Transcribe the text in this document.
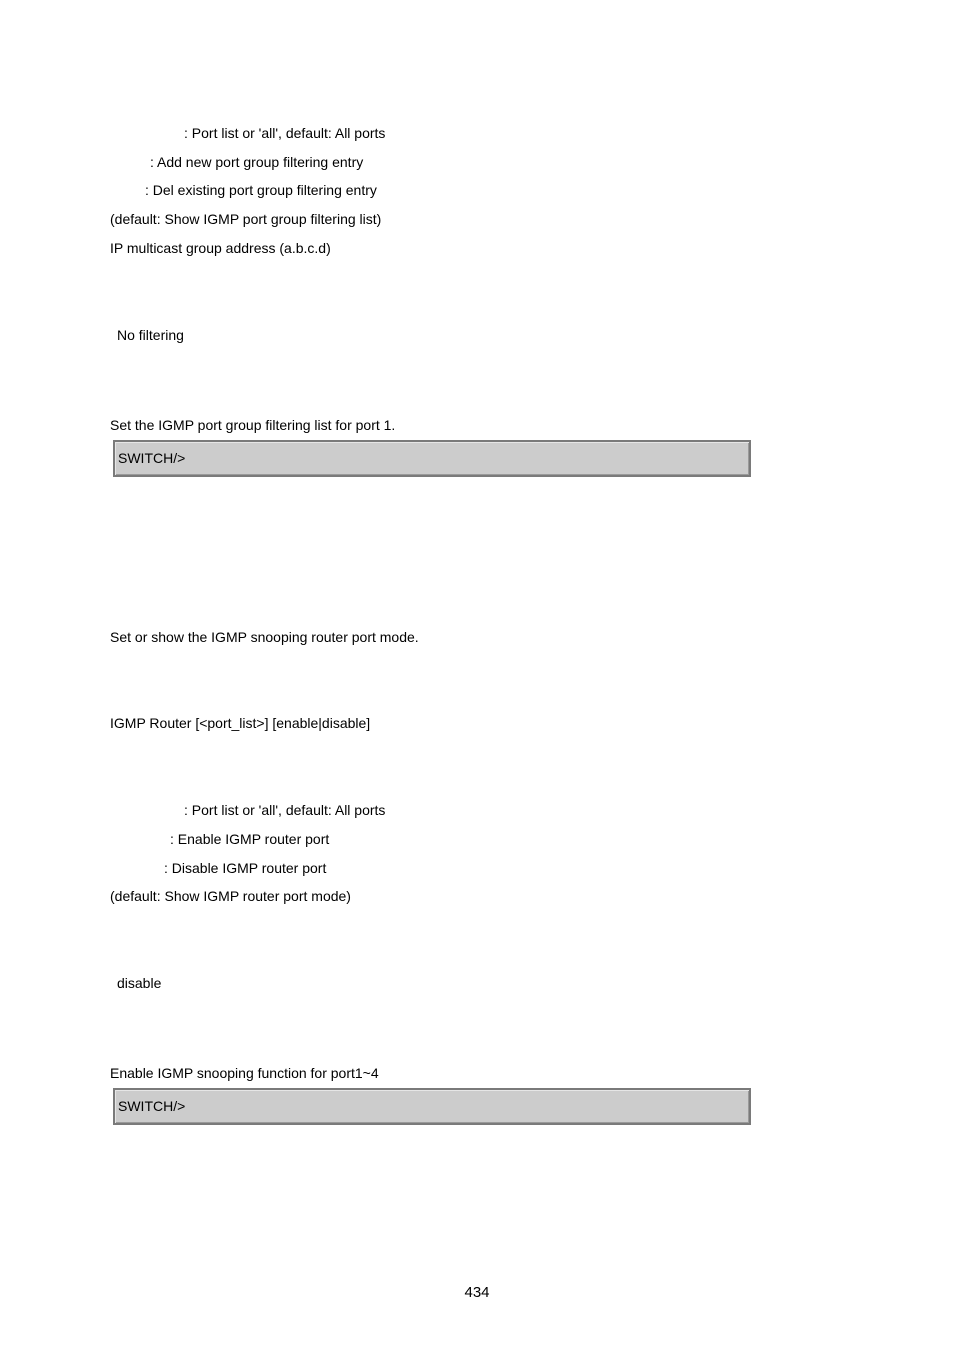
: Port list or 'all', default: All ports
: Add new port group filtering entry
: Del existing port group filtering entry
(default: Show IGMP port group filtering list)
IP multicast group address (a.b.c.d)
No filtering
Set the IGMP port group filtering list for port 1.
SWITCH/>
Set or show the IGMP snooping router port mode.
IGMP Router [<port_list>] [enable|disable]
: Port list or 'all', default: All ports
: Enable IGMP router port
: Disable IGMP router port
(default: Show IGMP router port mode)
disable
Enable IGMP snooping function for port1~4
SWITCH/>
434
